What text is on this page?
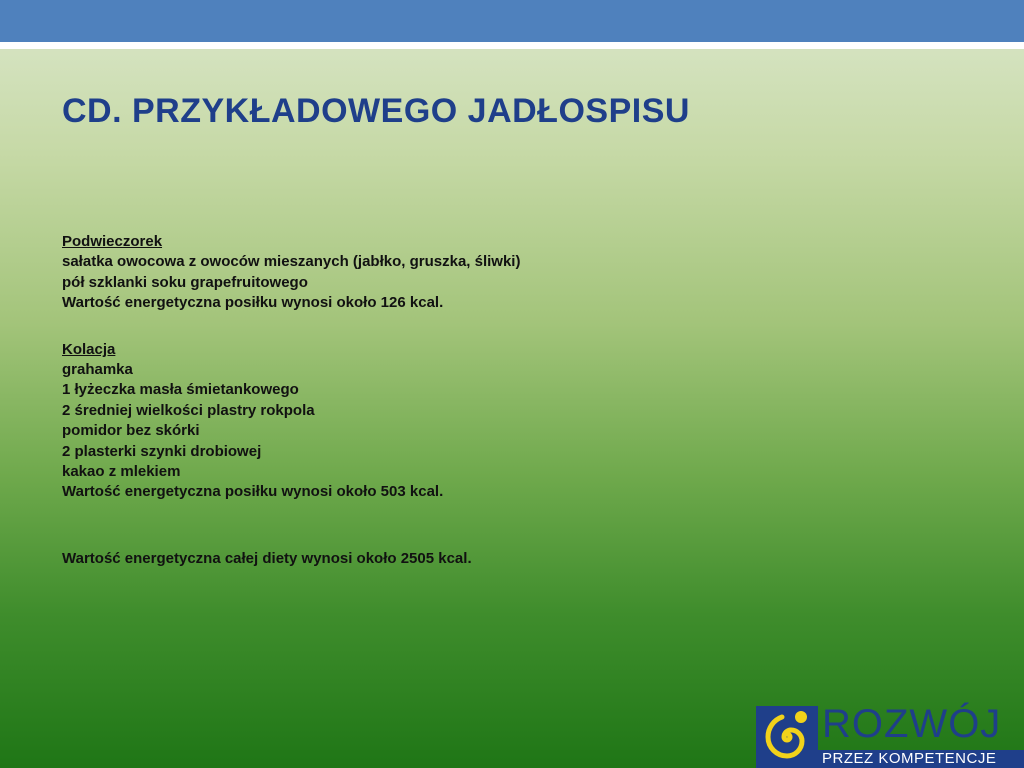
CD. PRZYKŁADOWEGO JADŁOSPISU
Podwieczorek
sałatka owocowa z owoców mieszanych (jabłko, gruszka, śliwki)
pół szklanki soku grapefruitowego
Wartość energetyczna posiłku wynosi około 126 kcal.
Kolacja
grahamka
1 łyżeczka masła śmietankowego
2 średniej wielkości plastry rokpola
pomidor bez skórki
2 plasterki szynki drobiowej
kakao z mlekiem
Wartość energetyczna posiłku wynosi około 503 kcal.
Wartość energetyczna całej diety wynosi około 2505 kcal.
ROZWÓJ
PRZEZ KOMPETENCJE
